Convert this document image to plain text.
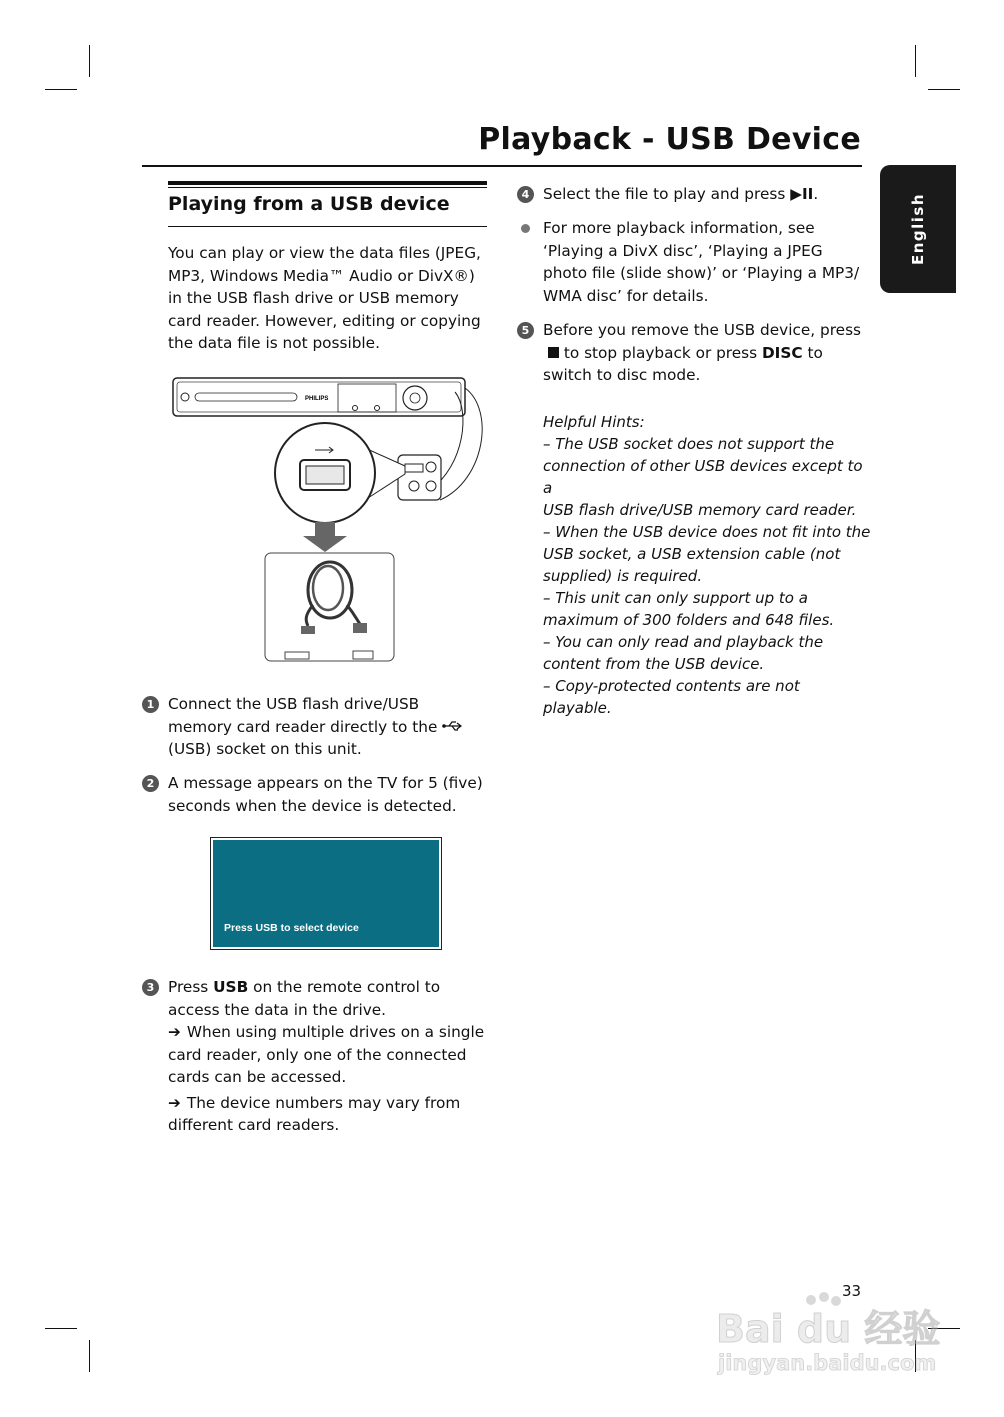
Playback - USB Device
English
Playing from a USB device
You can play or view the data files (JPEG,
MP3, Windows Media™ Audio or DivX®)
in the USB flash drive or USB memory
card reader. However, editing or copying
the data file is not possible.
PHILIPS
1 Connect the USB flash drive/USB

memory card reader directly to the

(USB) socket on this unit.

2 A message appears on the TV for 5 (five)

seconds when the device is detected.

Press USB to select device
3 Press USB on the remote control to

access the data in the drive.

➔ When using multiple drives on a single

card reader, only one of the connected

cards can be accessed.

➔ The device numbers may vary from

different card readers.

4 Select the file to play and press ▶II.

For more playback information, see

‘Playing a DivX disc’, ‘Playing a JPEG

photo file (slide show)’ or ‘Playing a MP3/

WMA disc’ for details.

5 Before you remove the USB device, press

to stop playback or press DISC to

switch to disc mode.

Helpful Hints:

– The USB socket does not support the

connection of other USB devices except to a

USB flash drive/USB memory card reader.

– When the USB device does not fit into the

USB socket, a USB extension cable (not

supplied) is required.

– This unit can only support up to a

maximum of 300 folders and 648 files.

– You can only read and playback the

content from the USB device.

– Copy-protected contents are not playable.

33
Bai du 经验
jingyan.baidu.com
